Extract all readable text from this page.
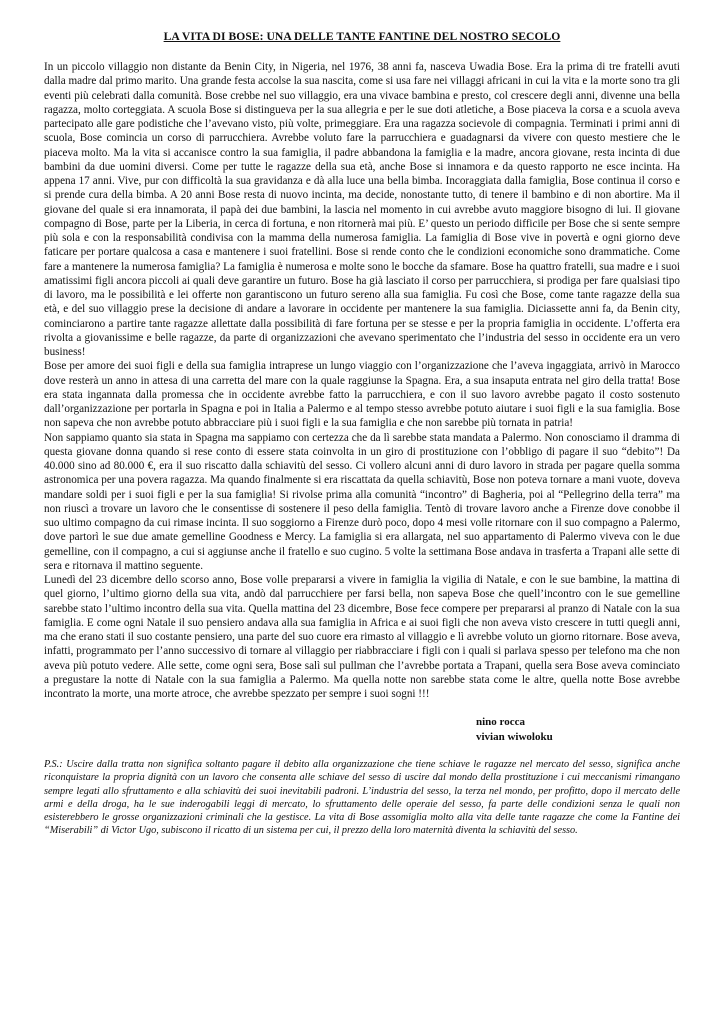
LA VITA DI BOSE: UNA DELLE TANTE FANTINE DEL NOSTRO SECOLO

In un piccolo villaggio non distante da Benin City, in Nigeria, nel 1976, 38 anni fa, nasceva Uwadia Bose. Era la prima di tre fratelli avuti dalla madre dal primo marito. Una grande festa accolse la sua nascita, come si usa fare nei villaggi africani in cui la vita e la morte sono tra gli eventi più celebrati dalla comunità. Bose crebbe nel suo villaggio, era una vivace bambina e presto, col crescere degli anni, divenne una bella ragazza, molto corteggiata. A scuola Bose si distingueva per la sua allegria e per le sue doti atletiche, a Bose piaceva la corsa e a scuola aveva partecipato alle gare podistiche che l’avevano visto, più volte, primeggiare. Era una ragazza socievole di compagnia. Terminati i primi anni di scuola, Bose comincia un corso di parrucchiera. Avrebbe voluto fare la parrucchiera e guadagnarsi da vivere con questo mestiere che le piaceva molto. Ma la vita si accanisce contro la sua famiglia, il padre abbandona la famiglia e la madre, ancora giovane, resta incinta di due bambini da due uomini diversi. Come per tutte le ragazze della sua età, anche Bose si innamora e da questo rapporto ne esce incinta. Ha appena 17 anni. Vive, pur con difficoltà la sua gravidanza e dà alla luce una bella bimba. Incoraggiata dalla famiglia, Bose continua il corso e si prende cura della bimba. A 20 anni Bose resta di nuovo incinta, ma decide, nonostante tutto, di tenere il bambino e di non abortire. Ma il giovane del quale si era innamorata, il papà dei due bambini, la lascia nel momento in cui avrebbe avuto maggiore bisogno di lui. Il giovane compagno di Bose, parte per la Liberia, in cerca di fortuna, e non ritornerà mai più. E’ questo un periodo difficile per Bose che si sente sempre più sola e con la responsabilità condivisa con la mamma della numerosa famiglia. La famiglia di Bose vive in povertà e ogni giorno deve faticare per portare qualcosa a casa e mantenere i suoi fratellini. Bose si rende conto che le condizioni economiche sono drammatiche. Come fare a mantenere la numerosa famiglia? La famiglia è numerosa e molte sono le bocche da sfamare. Bose ha quattro fratelli, sua madre e i suoi amatissimi figli ancora piccoli ai quali deve garantire un futuro. Bose ha già lasciato il corso per parrucchiera, si prodiga per fare qualsiasi tipo di lavoro, ma le possibilità e lei offerte non garantiscono un futuro sereno alla sua famiglia. Fu così che Bose, come tante ragazze della sua età, e del suo villaggio prese la decisione di andare a lavorare in occidente per mantenere la sua famiglia. Diciassette anni fa, da Benin city, cominciarono a partire tante ragazze allettate dalla possibilità di fare fortuna per se stesse e per la propria famiglia in occidente. L’offerta era rivolta a giovanissime e belle ragazze, da parte di organizzazioni che avevano sperimentato che l’industria del sesso in occidente era un vero business!

Bose per amore dei suoi figli e della sua famiglia intraprese un lungo viaggio con l’organizzazione che l’aveva ingaggiata, arrivò in Marocco dove resterà un anno in attesa di una carretta del mare con la quale raggiunse la Spagna. Era, a sua insaputa entrata nel giro della tratta! Bose era stata ingannata dalla promessa che in occidente avrebbe fatto la parrucchiera, e con il suo lavoro avrebbe pagato il costo sostenuto dall’organizzazione per portarla in Spagna e poi in Italia a Palermo e al tempo stesso avrebbe potuto aiutare i suoi figli e la sua famiglia. Bose non sapeva che non avrebbe potuto abbracciare più i suoi figli e la sua famiglia e che non sarebbe più tornata in patria!

Non sappiamo quanto sia stata in Spagna ma sappiamo con certezza che da lì sarebbe stata mandata a Palermo. Non conosciamo il dramma di questa giovane donna quando si rese conto di essere stata coinvolta in un giro di prostituzione con l’obbligo di pagare il suo “debito”! Da 40.000 sino ad 80.000 €, era il suo riscatto dalla schiavitù del sesso. Ci vollero alcuni anni di duro lavoro in strada per pagare quella somma astronomica per una povera ragazza. Ma quando finalmente si era riscattata da quella schiavitù, Bose non poteva tornare a mani vuote, doveva mandare soldi per i suoi figli e per la sua famiglia! Si rivolse prima alla comunità “incontro” di Bagheria, poi al “Pellegrino della terra” ma non riuscì a trovare un lavoro che le consentisse di sostenere il peso della famiglia. Tentò di trovare lavoro anche a Firenze dove conobbe il suo ultimo compagno da cui rimase incinta. Il suo soggiorno a Firenze durò poco, dopo 4 mesi volle ritornare con il suo compagno a Palermo, dove partorì le sue due amate gemelline Goodness e Mercy. La famiglia si era allargata, nel suo appartamento di Palermo viveva con le due gemelline, con il compagno, a cui si aggiunse anche il fratello e suo cugino. 5 volte la settimana Bose andava in trasferta a Trapani alle sette di sera e ritornava il mattino seguente.

Lunedì del 23 dicembre dello scorso anno, Bose volle prepararsi a vivere in famiglia la vigilia di Natale, e con le sue bambine, la mattina di quel giorno, l’ultimo giorno della sua vita, andò dal parrucchiere per farsi bella, non sapeva Bose che quell’incontro con le sue gemelline sarebbe stato l’ultimo incontro della sua vita. Quella mattina del 23 dicembre, Bose fece compere per prepararsi al pranzo di Natale con la sua famiglia. E come ogni Natale il suo pensiero andava alla sua famiglia in Africa e ai suoi figli che non aveva visto crescere in tutti quegli anni, ma che erano stati il suo costante pensiero, una parte del suo cuore era rimasto al villaggio e lì avrebbe voluto un giorno ritornare. Bose aveva, infatti, programmato per l’anno successivo di tornare al villaggio per riabbracciare i figli con i quali si parlava spesso per telefono ma che non aveva più potuto vedere. Alle sette, come ogni sera, Bose salì sul pullman che l’avrebbe portata a Trapani, quella sera Bose aveva cominciato a pregustare la notte di Natale con la sua famiglia a Palermo. Ma quella notte non sarebbe stata come le altre, quella notte Bose avrebbe incontrato la morte, una morte atroce, che avrebbe spezzato per sempre i suoi sogni !!!

nino rocca
vivian wiwoloku

P.S.: Uscire dalla tratta non significa soltanto pagare il debito alla organizzazione che tiene schiave le ragazze nel mercato del sesso, significa anche riconquistare la propria dignità con un lavoro che consenta alle schiave del sesso di uscire dal mondo della prostituzione i cui meccanismi rimangano sempre legati allo sfruttamento e alla schiavitù dei suoi inevitabili padroni. L’industria del sesso, la terza nel mondo, per profitto, dopo il mercato delle armi e della droga, ha le sue inderogabili leggi di mercato, lo sfruttamento delle operaie del sesso, fa parte delle condizioni senza le quali non esisterebbero le grosse organizzazioni criminali che la gestisce. La vita di Bose assomiglia molto alla vita delle tante ragazze che come la Fantine dei “Miserabili” di Victor Ugo, subiscono il ricatto di un sistema per cui, il prezzo della loro maternità diventa la schiavitù del sesso.
